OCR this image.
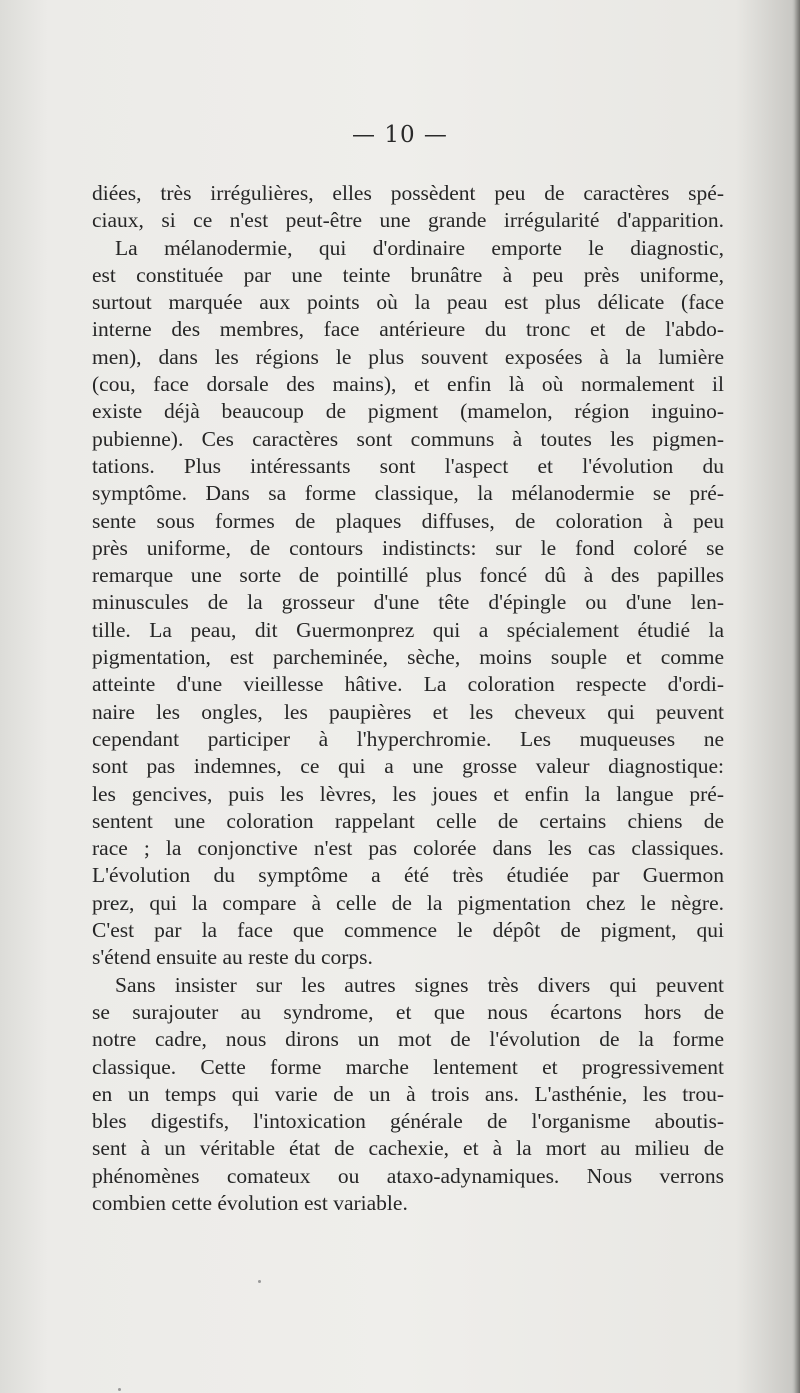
— 10 —
diées, très irrégulières, elles possèdent peu de caractères spé-
ciaux, si ce n'est peut-être une grande irrégularité d'apparition.
La mélanodermie, qui d'ordinaire emporte le diagnostic,
est constituée par une teinte brunâtre à peu près uniforme,
surtout marquée aux points où la peau est plus délicate (face
interne des membres, face antérieure du tronc et de l'abdo-
men), dans les régions le plus souvent exposées à la lumière
(cou, face dorsale des mains), et enfin là où normalement il
existe déjà beaucoup de pigment (mamelon, région inguino-
pubienne). Ces caractères sont communs à toutes les pigmen-
tations. Plus intéressants sont l'aspect et l'évolution du
symptôme. Dans sa forme classique, la mélanodermie se pré-
sente sous formes de plaques diffuses, de coloration à peu
près uniforme, de contours indistincts: sur le fond coloré se
remarque une sorte de pointillé plus foncé dû à des papilles
minuscules de la grosseur d'une tête d'épingle ou d'une len-
tille. La peau, dit Guermonprez qui a spécialement étudié la
pigmentation, est parcheminée, sèche, moins souple et comme
atteinte d'une vieillesse hâtive. La coloration respecte d'ordi-
naire les ongles, les paupières et les cheveux qui peuvent
cependant participer à l'hyperchromie. Les muqueuses ne
sont pas indemnes, ce qui a une grosse valeur diagnostique:
les gencives, puis les lèvres, les joues et enfin la langue pré-
sentent une coloration rappelant celle de certains chiens de
race ; la conjonctive n'est pas colorée dans les cas classiques.
L'évolution du symptôme a été très étudiée par Guermon
prez, qui la compare à celle de la pigmentation chez le nègre.
C'est par la face que commence le dépôt de pigment, qui
s'étend ensuite au reste du corps.
Sans insister sur les autres signes très divers qui peuvent
se surajouter au syndrome, et que nous écartons hors de
notre cadre, nous dirons un mot de l'évolution de la forme
classique. Cette forme marche lentement et progressivement
en un temps qui varie de un à trois ans. L'asthénie, les trou-
bles digestifs, l'intoxication générale de l'organisme aboutis-
sent à un véritable état de cachexie, et à la mort au milieu de
phénomènes comateux ou ataxo-adynamiques. Nous verrons
combien cette évolution est variable.
